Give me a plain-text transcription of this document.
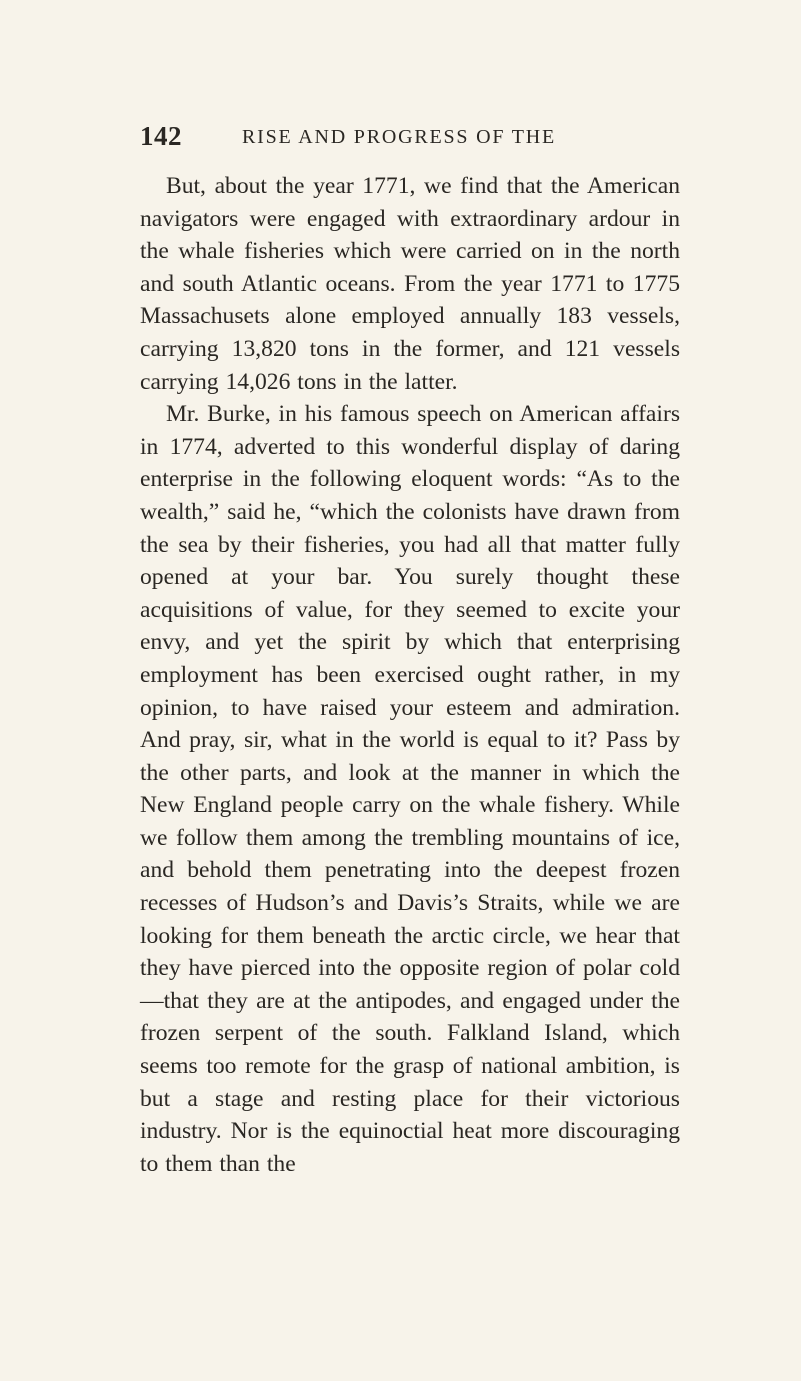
142	RISE AND PROGRESS OF THE

But, about the year 1771, we find that the American navigators were engaged with extraordinary ardour in the whale fisheries which were carried on in the north and south Atlantic oceans. From the year 1771 to 1775 Massachusets alone employed annually 183 vessels, carrying 13,820 tons in the former, and 121 vessels carrying 14,026 tons in the latter.

Mr. Burke, in his famous speech on American affairs in 1774, adverted to this wonderful display of daring enterprise in the following eloquent words: “As to the wealth,” said he, “which the colonists have drawn from the sea by their fisheries, you had all that matter fully opened at your bar. You surely thought these acquisitions of value, for they seemed to excite your envy, and yet the spirit by which that enterprising employment has been exercised ought rather, in my opinion, to have raised your esteem and admiration. And pray, sir, what in the world is equal to it? Pass by the other parts, and look at the manner in which the New England people carry on the whale fishery. While we follow them among the trembling mountains of ice, and behold them penetrating into the deepest frozen recesses of Hudson’s and Davis’s Straits, while we are looking for them beneath the arctic circle, we hear that they have pierced into the opposite region of polar cold—that they are at the antipodes, and engaged under the frozen serpent of the south. Falkland Island, which seems too remote for the grasp of national ambition, is but a stage and resting place for their victorious industry. Nor is the equinoctial heat more discouraging to them than the
